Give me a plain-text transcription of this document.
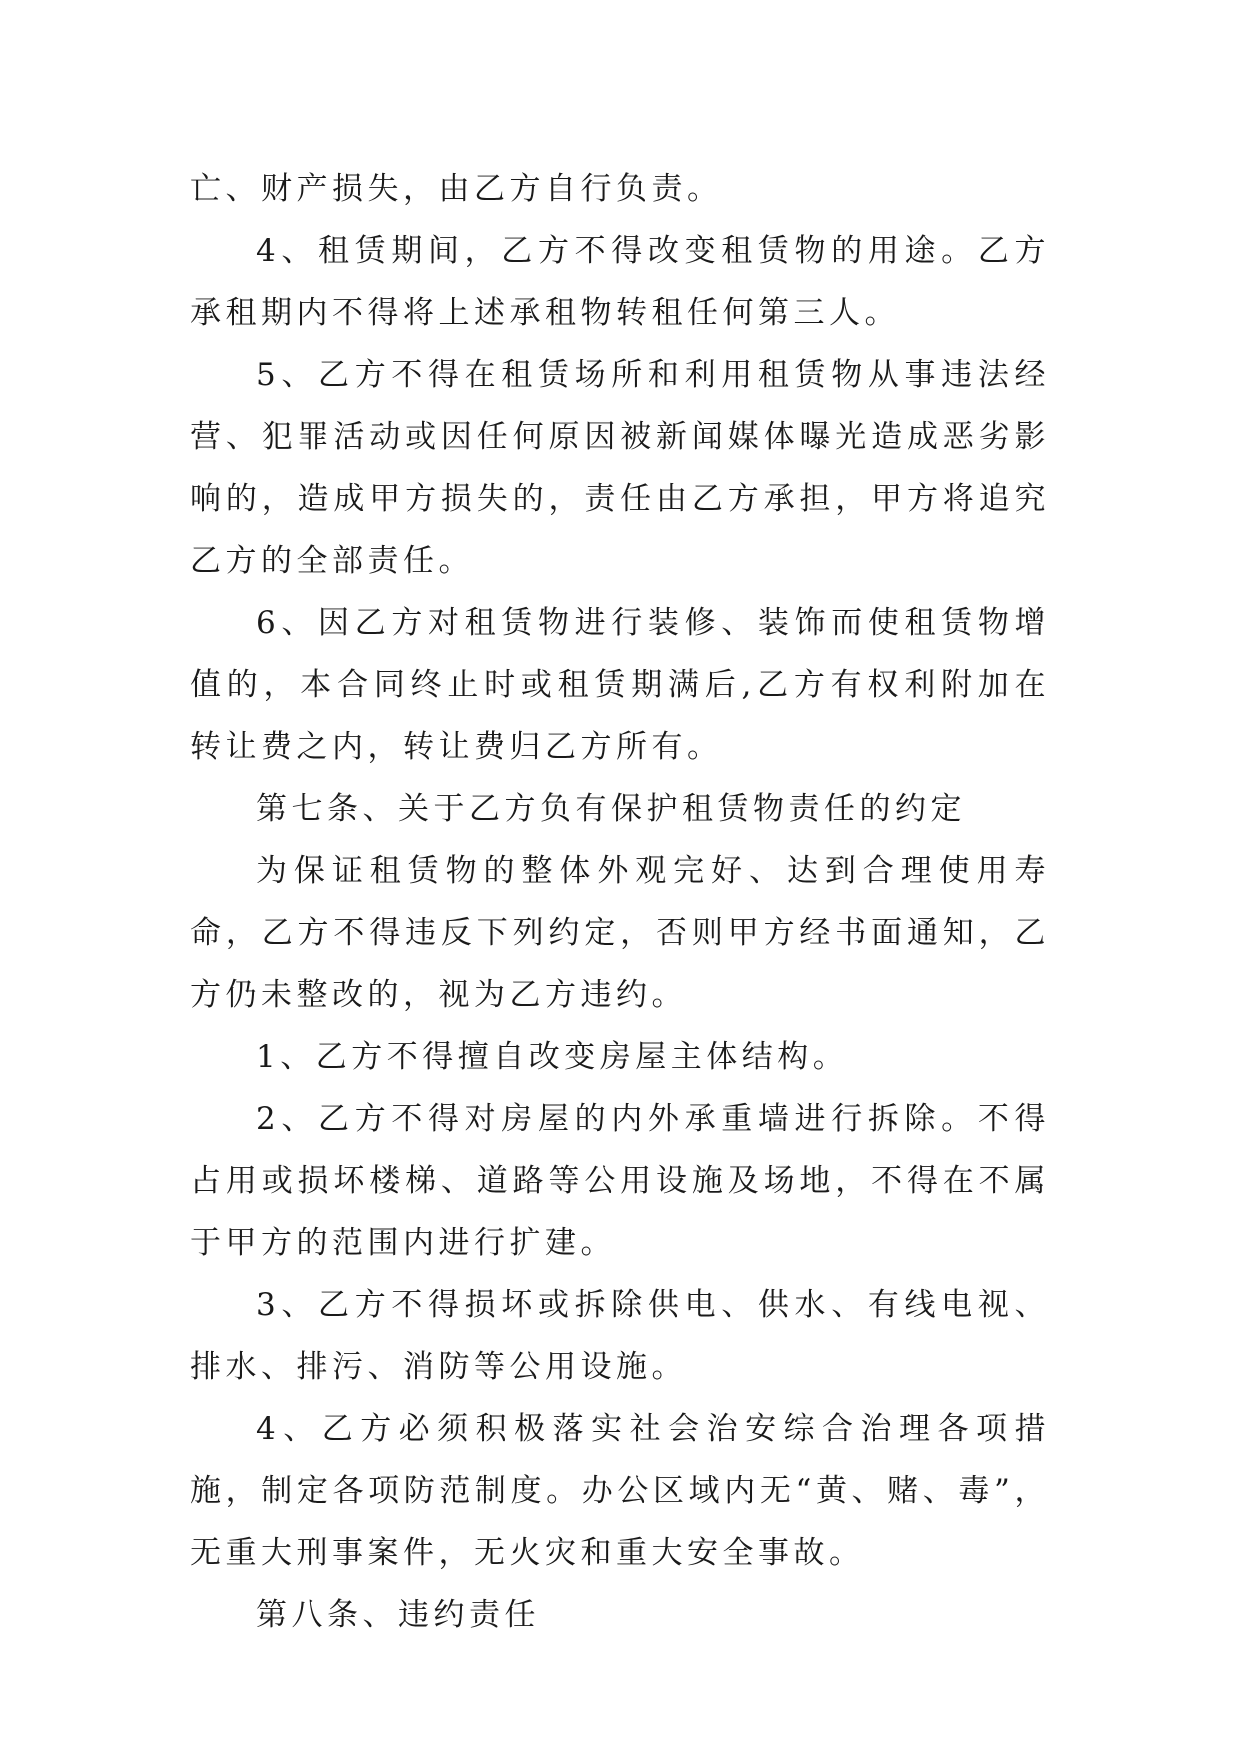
亡、财产损失，由乙方自行负责。

4、租赁期间，乙方不得改变租赁物的用途。乙方承租期内不得将上述承租物转租任何第三人。

5、乙方不得在租赁场所和利用租赁物从事违法经营、犯罪活动或因任何原因被新闻媒体曝光造成恶劣影响的，造成甲方损失的，责任由乙方承担，甲方将追究乙方的全部责任。

6、因乙方对租赁物进行装修、装饰而使租赁物增值的，本合同终止时或租赁期满后,乙方有权利附加在转让费之内，转让费归乙方所有。

第七条、关于乙方负有保护租赁物责任的约定

为保证租赁物的整体外观完好、达到合理使用寿命，乙方不得违反下列约定，否则甲方经书面通知，乙方仍未整改的，视为乙方违约。

1、乙方不得擅自改变房屋主体结构。

2、乙方不得对房屋的内外承重墙进行拆除。不得占用或损坏楼梯、道路等公用设施及场地，不得在不属于甲方的范围内进行扩建。

3、乙方不得损坏或拆除供电、供水、有线电视、排水、排污、消防等公用设施。

4、乙方必须积极落实社会治安综合治理各项措施，制定各项防范制度。办公区域内无“黄、赌、毒”，无重大刑事案件，无火灾和重大安全事故。

第八条、违约责任
